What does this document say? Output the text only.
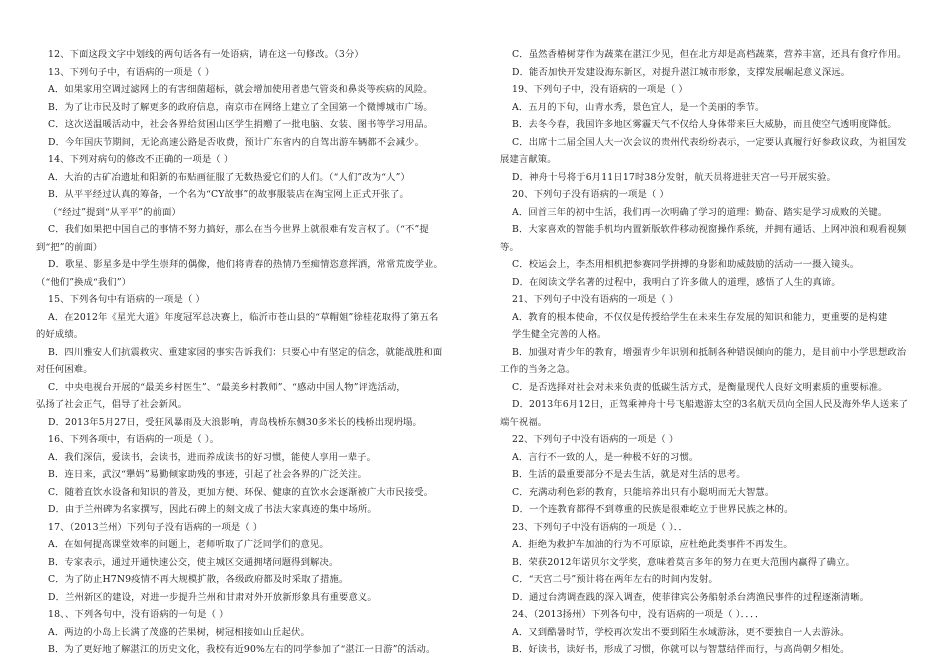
12、下面这段文字中划线的两句话各有一处语病，请在这一句修改。（3分）
13、下列句子中，有语病的一项是（ ）
A．如果家用空调过滤网上的有害细菌超标，就会增加使用者患气管炎和鼻炎等疾病的风险。
B．为了让市民及时了解更多的政府信息，南京市在网络上建立了全国第一个微博城市广场。
C．这次送温暖活动中，社会各界给贫困山区学生捐赠了一批电脑、女装、图书等学习用品。
D．今年国庆节期间，无论高速公路是否收费，预计广东省内的自驾出游车辆都不会减少。
14、下列对病句的修改不正确的一项是（ ）
A．大治的古矿冶遗址和阳新的布贴画征服了无数热爱它们的人们。（“人们”改为“人”）
B．从平平经过认真的筹备，一个名为“CY故事”的故事服装店在淘宝网上正式开张了。
（“经过”提到“从平平”的前面）
C．我们如果把中国自己的事情不努力搞好，那么在当今世界上就很难有发言权了。（“不”提
到“把”的前面）
D．歌星、影星多是中学生崇拜的偶像，他们将青春的热情乃至痴情恣意挥洒，常常荒废学业。
（“他们”换成“我们”）
15、下列各句中有语病的一项是（ ）
A．在2012年《星光大道》年度冠军总决赛上，临沂市苍山县的“草帽姐”徐桂花取得了第五名
的好成绩。
B．四川雅安人们抗震救灾、重建家园的事实告诉我们：只要心中有坚定的信念，就能战胜和面
对任何困难。
C．中央电视台开展的“最美乡村医生”、“最美乡村教师”、“感动中国人物”评选活动，
弘扬了社会正气，倡导了社会新风。
D．2013年5月27日，受狂风暴雨及大浪影响，青岛栈桥东侧30多米长的栈桥出现坍塌。
16、下列各项中，有语病的一项是（ ）。
A．我们深信，爱读书，会读书，进而养成读书的好习惯，能使人享用一辈子。
B．连日来，武汉“犟妈”易勤倾家助残的事迹，引起了社会各界的广泛关注。
C．随着直饮水设备和知识的普及，更加方便、环保、健康的直饮水会逐渐被广大市民接受。
D．由于兰州碑为名家撰写，因此石碑上的刻文成了书法大家真迹的集中场所。
17、（2013兰州）下列句子没有语病的一项是（ ）
A．在如何提高课堂效率的问题上，老师听取了广泛同学们的意见。
B．专家表示，通过开通快速公交，使主城区交通拥堵问题得到解决。
C．为了防止H7N9疫情不再大规模扩散，各级政府都及时采取了措施。
D．兰州新区的建设，对进一步提升兰州和甘肃对外开放新形象具有重要意义。
18、、下列各句中，没有语病的一句是（ ）
A．两边的小岛上长满了茂盛的芒果树，树冠相接如山丘起伏。
B．为了更好地了解湛江的历史文化，我校有近90%左右的同学参加了“湛江一日游”的活动。
C．虽然香椿树芽作为蔬菜在湛江少见，但在北方却是高档蔬菜，营养丰富，还具有食疗作用。
D．能否加快开发建设海东新区，对提升湛江城市形象，支撑发展崛起意义深远。
19、下列句子中，没有语病的一项是（ ）
A．五月的下旬，山青水秀，景色宜人，是一个美丽的季节。
B．去冬今春，我国许多地区雾霾天气不仅给人身体带来巨大威胁，而且使空气透明度降低。
C．出席十二届全国人大一次会议的贵州代表纷纷表示，一定要认真履行好参政议政，为祖国发
展建言献策。
D．神舟十号将于6月11日17时38分发射，航天员将进驻天宫一号开展实验。
20、下列句子没有语病的一项是（ ）
A．回首三年的初中生活，我们再一次明确了学习的道理：勤奋、踏实是学习成败的关键。
B．大家喜欢的智能手机均内置新版软件移动视窗操作系统，并拥有通话、上网冲浪和观看视频
等。
C．校运会上，李杰用相机把参赛同学拼搏的身影和助威鼓励的活动一一摄入镜头。
D．在阅读文学名著的过程中，我明白了许多做人的道理，感悟了人生的真谛。
21、下列句子中没有语病的一项是（ ）
A．教育的根本使命，不仅仅是传授给学生在未来生存发展的知识和能力，更重要的是构建
学生健全完善的人格。
B．加强对青少年的教育，增强青少年识别和抵制各种错误倾向的能力，是目前中小学思想政治
工作的当务之急。
C．是否选择对社会对未来负责的低碳生活方式，是衡量现代人良好文明素质的重要标准。
D．2013年6月12日，正驾乘神舟十号飞船遨游太空的3名航天员向全国人民及海外华人送来了
端午祝福。
22、下列句子中没有语病的一项是（ ）
A．言行不一致的人，是一种极不好的习惯。
B．生活的最重要部分不是去生活，就是对生活的思考。
C．充满动利色彩的教育，只能培养出只有小聪明而无大智慧。
D．一个连教育都得不到尊重的民族是很难屹立于世界民族之林的。
23、下列句子中没有语病的一项是（ ）．．
A．拒绝为救护车加油的行为不可原谅，应杜绝此类事件不再发生。
B．荣获2012年诺贝尔文学奖，意味着莫言多年的努力在更大范围内赢得了确立。
C．“天宫二号”预计将在两年左右的时间内发射。
D．通过台湾调查践的深入调查，使菲律宾公务船射杀台湾渔民事件的过程逐渐清晰。
24、（2013扬州）下列各句中，没有语病的一项是（ ）．．．．
A．又到酷暑时节，学校再次发出不要到陌生水域游泳，更不要独自一人去游泳。
B．好读书，读好书，形成了习惯，你就可以与智慧结伴而行，与高尚朝夕相处。
